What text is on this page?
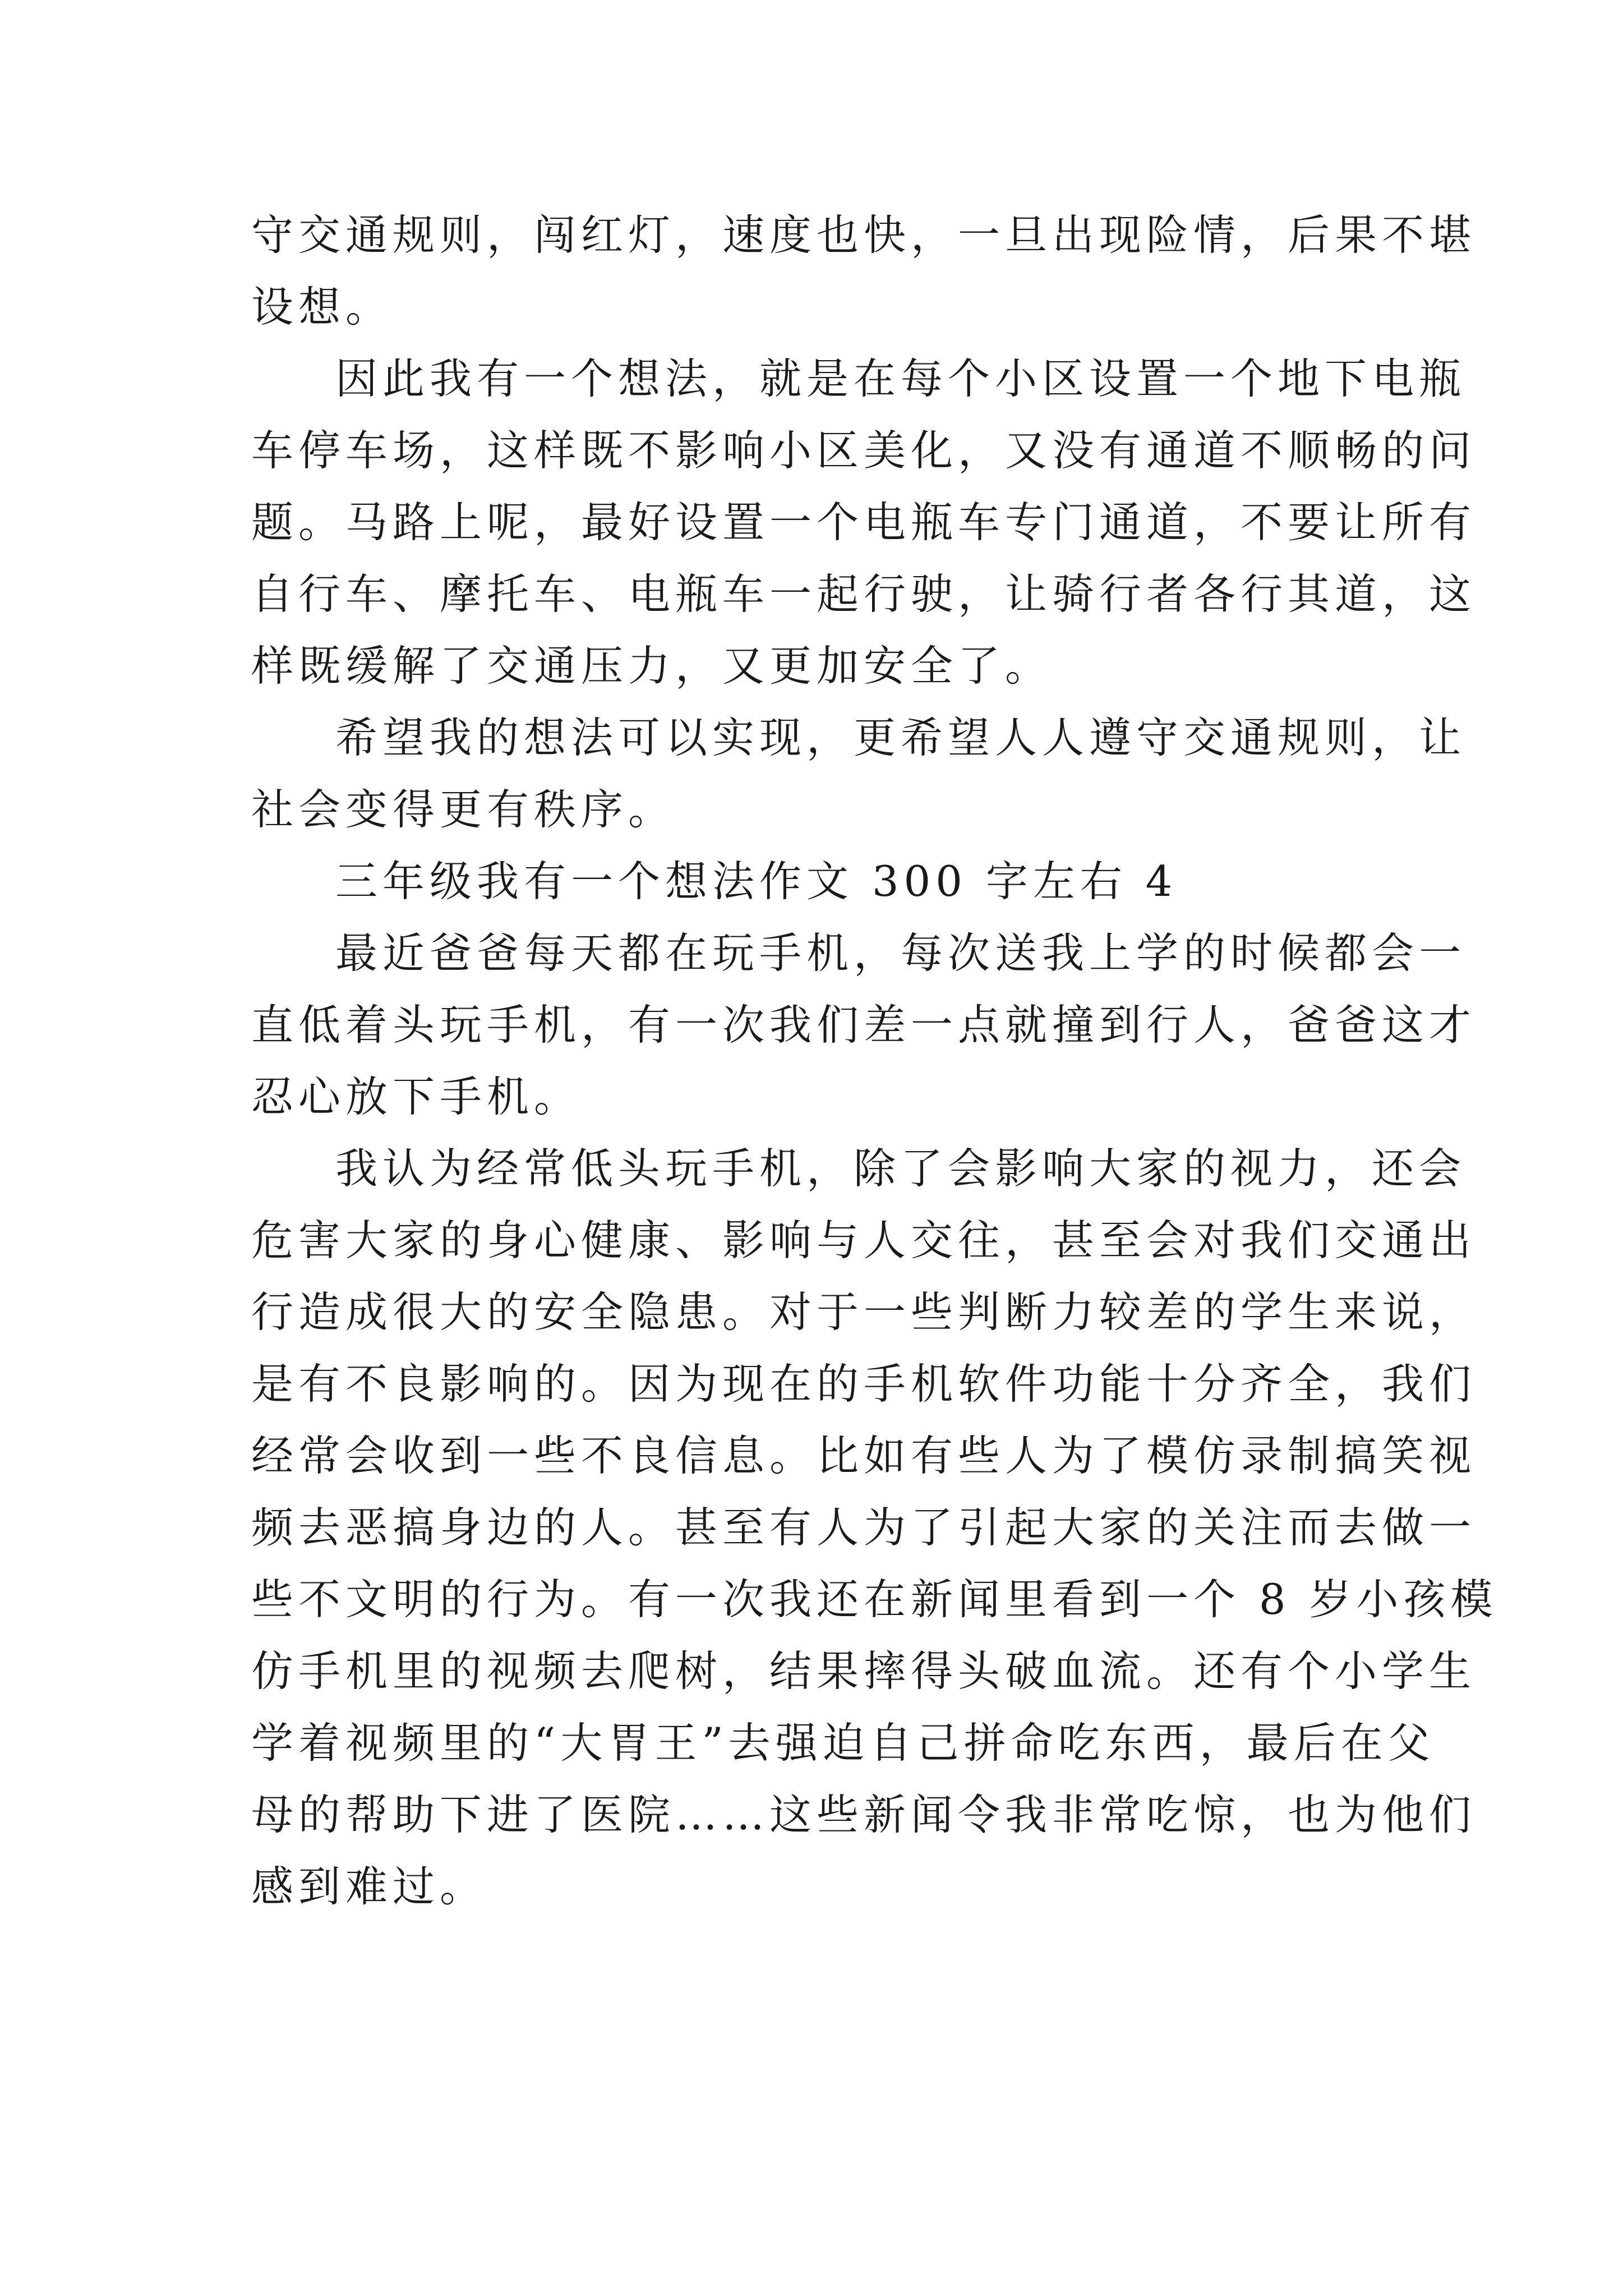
守交通规则，闯红灯，速度也快，一旦出现险情，后果不堪
设想。
因此我有一个想法，就是在每个小区设置一个地下电瓶
车停车场，这样既不影响小区美化，又没有通道不顺畅的问
题。马路上呢，最好设置一个电瓶车专门通道，不要让所有
自行车、摩托车、电瓶车一起行驶，让骑行者各行其道，这
样既缓解了交通压力，又更加安全了。
希望我的想法可以实现，更希望人人遵守交通规则，让
社会变得更有秩序。
三年级我有一个想法作文 300 字左右 4
最近爸爸每天都在玩手机，每次送我上学的时候都会一
直低着头玩手机，有一次我们差一点就撞到行人，爸爸这才
忍心放下手机。
我认为经常低头玩手机，除了会影响大家的视力，还会
危害大家的身心健康、影响与人交往，甚至会对我们交通出
行造成很大的安全隐患。对于一些判断力较差的学生来说，
是有不良影响的。因为现在的手机软件功能十分齐全，我们
经常会收到一些不良信息。比如有些人为了模仿录制搞笑视
频去恶搞身边的人。甚至有人为了引起大家的关注而去做一
些不文明的行为。有一次我还在新闻里看到一个 8 岁小孩模
仿手机里的视频去爬树，结果摔得头破血流。还有个小学生
学着视频里的“大胃王”去强迫自己拼命吃东西，最后在父
母的帮助下进了医院……这些新闻令我非常吃惊，也为他们
感到难过。
